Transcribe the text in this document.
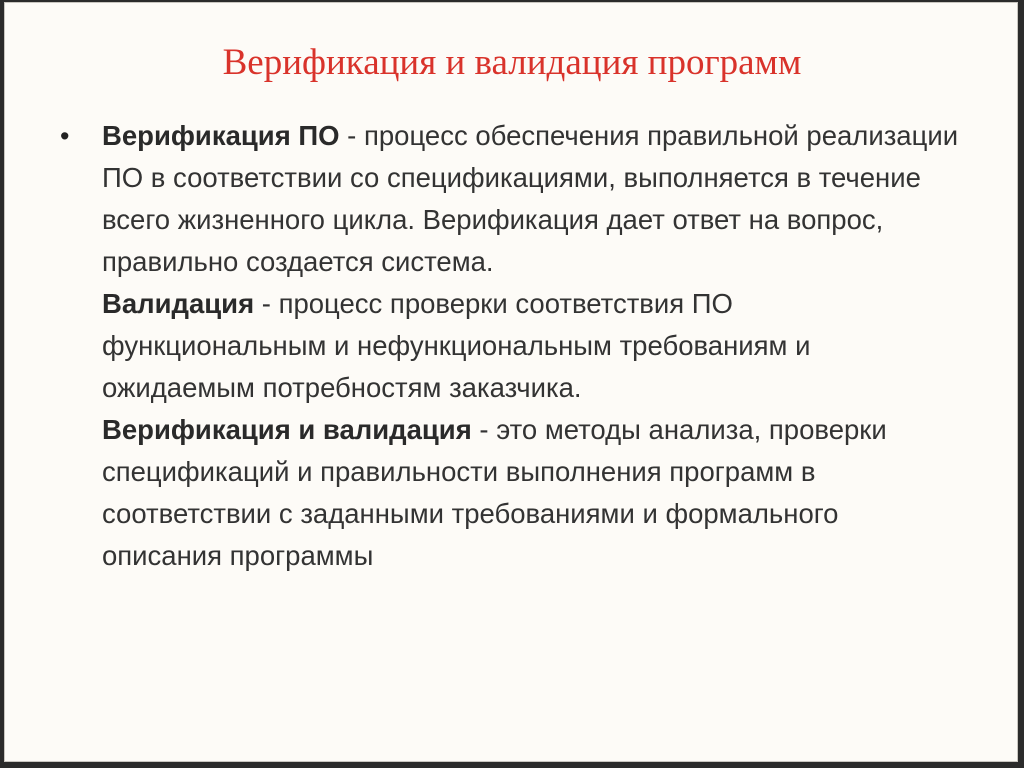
Верификация и валидация программ
• Верификация ПО - процесс обеспечения правильной реализации ПО в соответствии со спецификациями, выполняется в течение всего жизненного цикла. Верификация дает ответ на вопрос, правильно создается система.

Валидация - процесс проверки соответствия ПО функциональным и нефункциональным требованиям и ожидаемым потребностям заказчика.

Верификация и валидация - это методы анализа, проверки спецификаций и правильности выполнения программ в соответствии с заданными требованиями и формального описания программы
